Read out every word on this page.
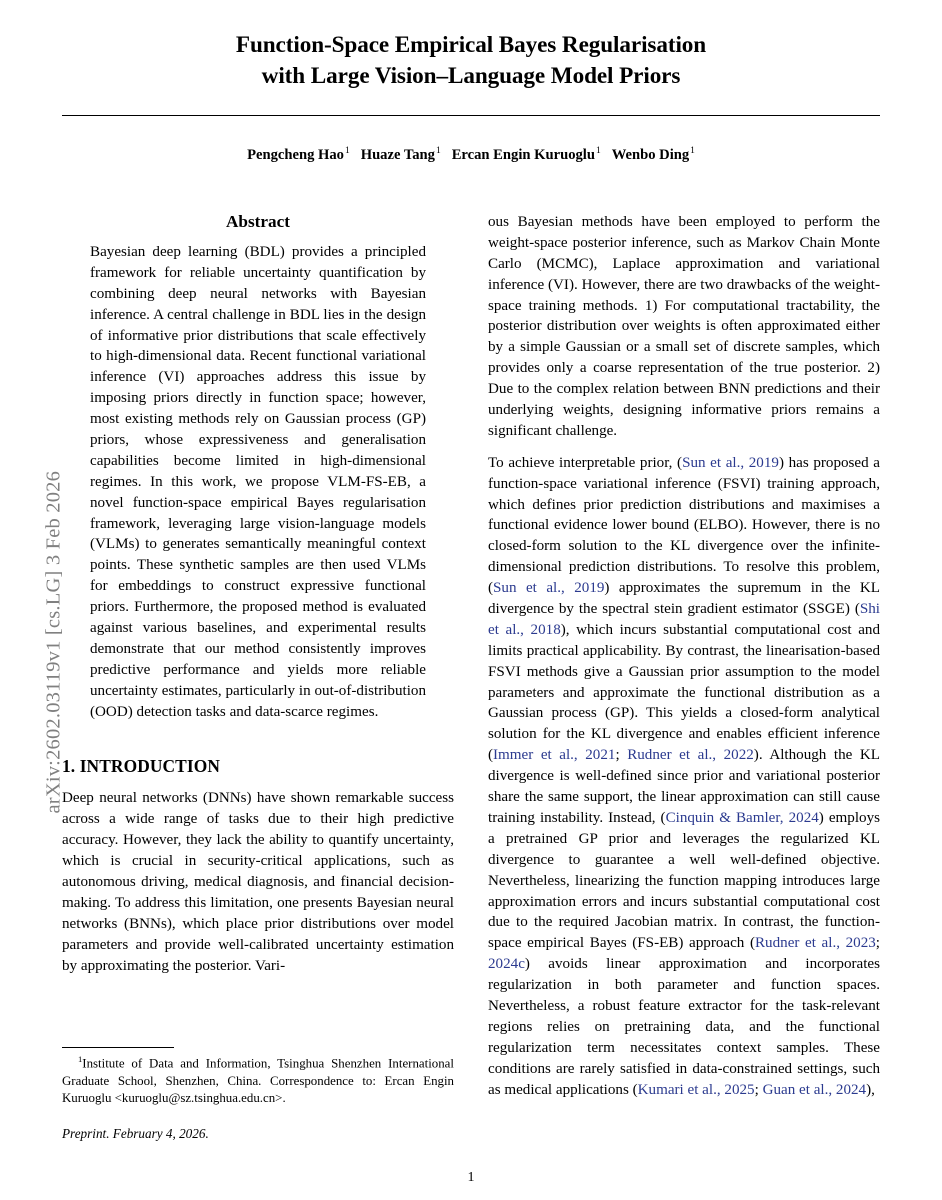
arXiv:2602.03119v1 [cs.LG] 3 Feb 2026
Function-Space Empirical Bayes Regularisation
with Large Vision–Language Model Priors
Pengcheng Hao$^1$ Huaze Tang$^1$ Ercan Engin Kuruoglu$^1$ Wenbo Ding$^1$
Abstract

Bayesian deep learning (BDL) provides a principled framework for reliable uncertainty quantification by combining deep neural networks with Bayesian inference. A central challenge in BDL lies in the design of informative prior distributions that scale effectively to high-dimensional data. Recent functional variational inference (VI) approaches address this issue by imposing priors directly in function space; however, most existing methods rely on Gaussian process (GP) priors, whose expressiveness and generalisation capabilities become limited in high-dimensional regimes. In this work, we propose VLM-FS-EB, a novel function-space empirical Bayes regularisation framework, leveraging large vision-language models (VLMs) to generates semantically meaningful context points. These synthetic samples are then used VLMs for embeddings to construct expressive functional priors. Furthermore, the proposed method is evaluated against various baselines, and experimental results demonstrate that our method consistently improves predictive performance and yields more reliable uncertainty estimates, particularly in out-of-distribution (OOD) detection tasks and data-scarce regimes.

1. INTRODUCTION

Deep neural networks (DNNs) have shown remarkable success across a wide range of tasks due to their high predictive accuracy. However, they lack the ability to quantify uncertainty, which is crucial in security-critical applications, such as autonomous driving, medical diagnosis, and financial decision-making. To address this limitation, one presents Bayesian neural networks (BNNs), which place prior distributions over model parameters and provide well-calibrated uncertainty estimation by approximating the posterior. Vari-

$^1$Institute of Data and Information, Tsinghua Shenzhen International Graduate School, Shenzhen, China. Correspondence to: Ercan Engin Kuruoglu <kuruoglu@sz.tsinghua.edu.cn>.

Preprint. February 4, 2026.

ous Bayesian methods have been employed to perform the weight-space posterior inference, such as Markov Chain Monte Carlo (MCMC), Laplace approximation and variational inference (VI). However, there are two drawbacks of the weight-space training methods. 1) For computational tractability, the posterior distribution over weights is often approximated either by a simple Gaussian or a small set of discrete samples, which provides only a coarse representation of the true posterior. 2) Due to the complex relation between BNN predictions and their underlying weights, designing informative priors remains a significant challenge.

To achieve interpretable prior, (Sun et al., 2019) has proposed a function-space variational inference (FSVI) training approach, which defines prior prediction distributions and maximises a functional evidence lower bound (ELBO). However, there is no closed-form solution to the KL divergence over the infinite-dimensional prediction distributions. To resolve this problem, (Sun et al., 2019) approximates the supremum in the KL divergence by the spectral stein gradient estimator (SSGE) (Shi et al., 2018), which incurs substantial computational cost and limits practical applicability. By contrast, the linearisation-based FSVI methods give a Gaussian prior assumption to the model parameters and approximate the functional distribution as a Gaussian process (GP). This yields a closed-form analytical solution for the KL divergence and enables efficient inference (Immer et al., 2021; Rudner et al., 2022). Although the KL divergence is well-defined since prior and variational posterior share the same support, the linear approximation can still cause training instability. Instead, (Cinquin & Bamler, 2024) employs a pretrained GP prior and leverages the regularized KL divergence to guarantee a well well-defined objective. Nevertheless, linearizing the function mapping introduces large approximation errors and incurs substantial computational cost due to the required Jacobian matrix. In contrast, the function-space empirical Bayes (FS-EB) approach (Rudner et al., 2023; 2024c) avoids linear approximation and incorporates regularization in both parameter and function spaces. Nevertheless, a robust feature extractor for the task-relevant regions relies on pretraining data, and the functional regularization term necessitates context samples. These conditions are rarely satisfied in data-constrained settings, such as medical applications (Kumari et al., 2025; Guan et al., 2024),

1
